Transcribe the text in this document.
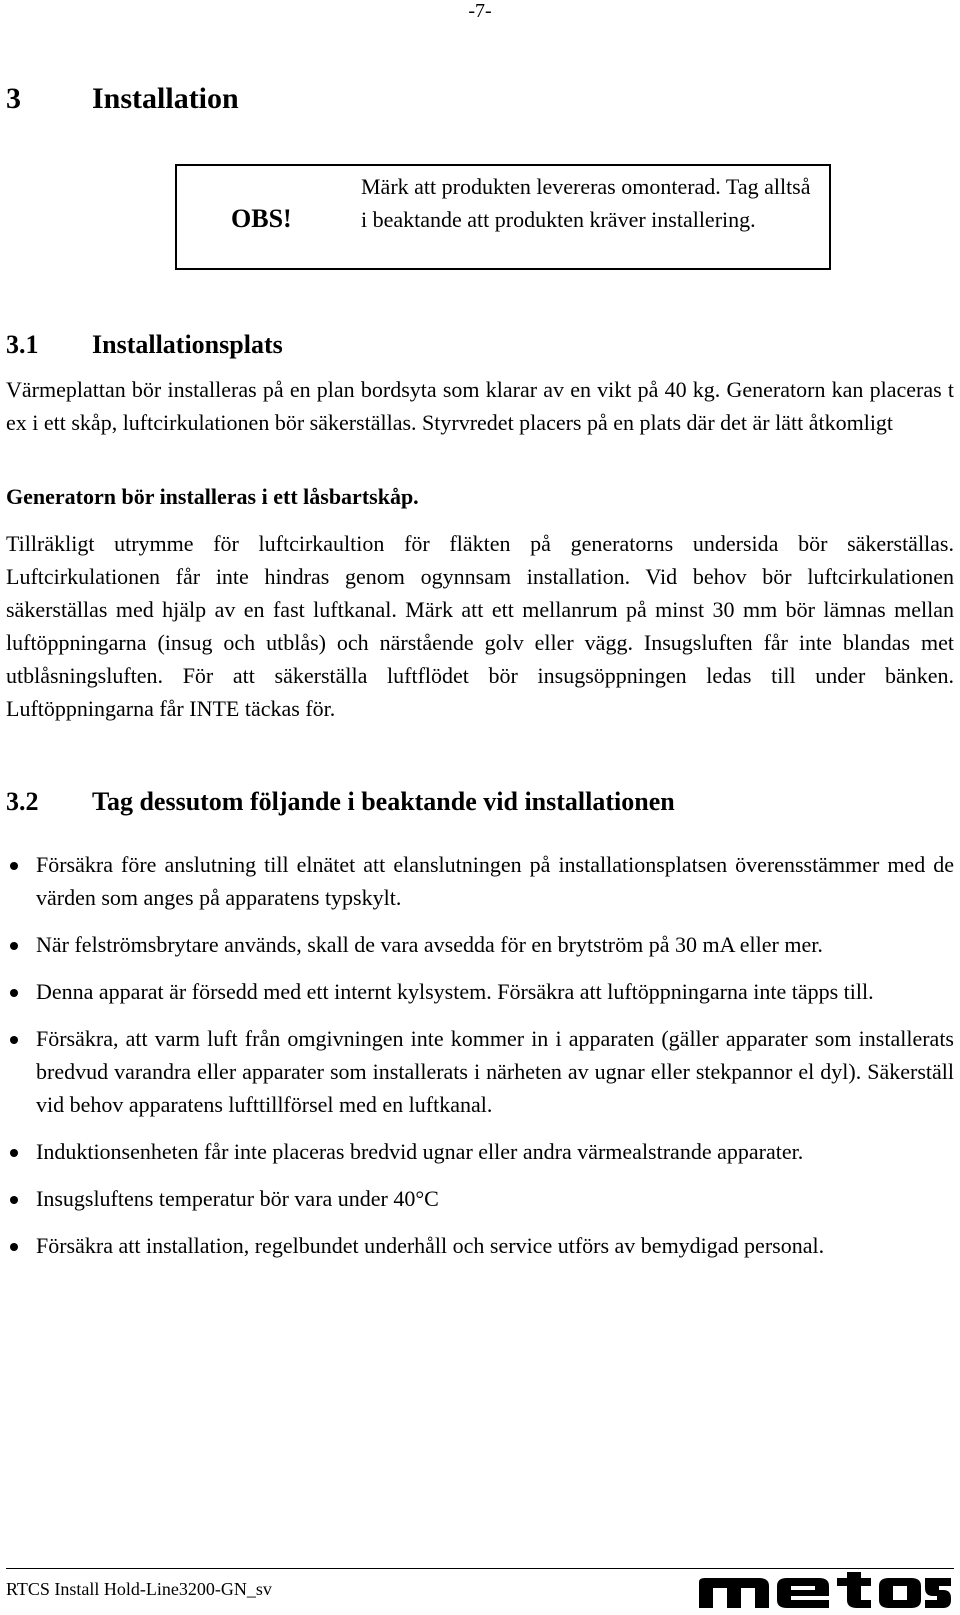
-7-
3 Installation
OBS!
Märk att produkten levereras omonterad. Tag alltså i beaktande att produkten kräver installering.
3.1 Installationsplats
Värmeplattan bör installeras på en plan bordsyta som klarar av en vikt på 40 kg. Generatorn kan placeras t ex i ett skåp, luftcirkulationen bör säkerställas. Styrvredet placers på en plats där det är lätt åtkomligt
Generatorn bör installeras i ett låsbartskåp.
Tillräkligt utrymme för luftcirkaultion för fläkten på generatorns undersida bör säkerställas. Luftcirkulationen får inte hindras genom ogynnsam installation. Vid behov bör luftcirkulationen säkerställas med hjälp av en fast luftkanal. Märk att ett mellanrum på minst 30 mm bör lämnas mellan luftöppningarna (insug och utblås) och närstående golv eller vägg. Insugsluften får inte blandas met utblåsningsluften. För att säkerställa luftflödet bör insugsöppningen ledas till under bänken. Luftöppningarna får INTE täckas för.
3.2 Tag dessutom följande i beaktande vid installationen
Försäkra före anslutning till elnätet att elanslutningen på installationsplatsen överensstämmer med de värden som anges på apparatens typskylt.
När felströmsbrytare används, skall de vara avsedda för en brytström på 30 mA eller mer.
Denna apparat är försedd med ett internt kylsystem. Försäkra att luftöppningarna inte täpps till.
Försäkra, att varm luft från omgivningen inte kommer in i apparaten (gäller apparater som installerats bredvud varandra eller apparater som installerats i närheten av ugnar eller stekpannor el dyl). Säkerställ vid behov apparatens lufttillförsel med en luftkanal.
Induktionsenheten får inte placeras bredvid ugnar eller andra värmealstrande apparater.
Insugsluftens temperatur bör vara under 40°C
Försäkra att installation, regelbundet underhåll och service utförs av bemydigad personal.
RTCS Install Hold-Line3200-GN_sv
